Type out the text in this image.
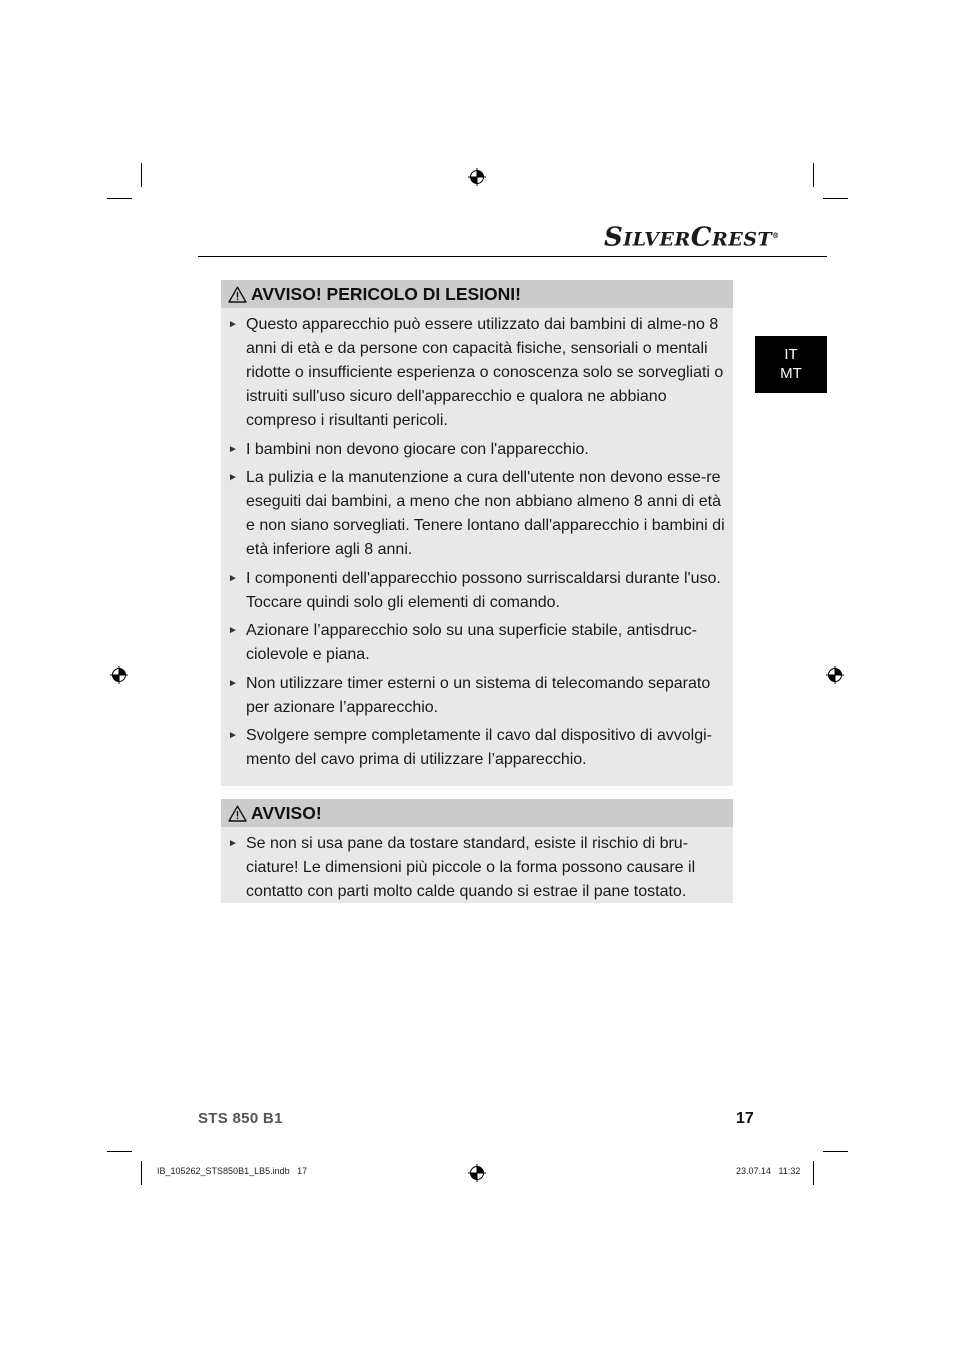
SILVERCREST®
IT
MT
AVVISO! PERICOLO DI LESIONI!
► Questo apparecchio può essere utilizzato dai bambini di alme-no 8 anni di età e da persone con capacità fisiche, sensoriali o mentali ridotte o insufficiente esperienza o conoscenza solo se sorvegliati o istruiti sull'uso sicuro dell'apparecchio e qualora ne abbiano compreso i risultanti pericoli.
► I bambini non devono giocare con l'apparecchio.
► La pulizia e la manutenzione a cura dell'utente non devono esse-re eseguiti dai bambini, a meno che non abbiano almeno 8 anni di età e non siano sorvegliati. Tenere lontano dall'apparecchio i bambini di età inferiore agli 8 anni.
► I componenti dell'apparecchio possono surriscaldarsi durante l'uso. Toccare quindi solo gli elementi di comando.
► Azionare l’apparecchio solo su una superficie stabile, antisdruc-ciolevole e piana.
► Non utilizzare timer esterni o un sistema di telecomando separato per azionare l’apparecchio.
► Svolgere sempre completamente il cavo dal dispositivo di avvolgi-mento del cavo prima di utilizzare l’apparecchio.
AVVISO!
► Se non si usa pane da tostare standard, esiste il rischio di bru-ciature! Le dimensioni più piccole o la forma possono causare il contatto con parti molto calde quando si estrae il pane tostato.
STS 850 B1	17
IB_105262_STS850B1_LB5.indb   17	23.07.14   11:32
